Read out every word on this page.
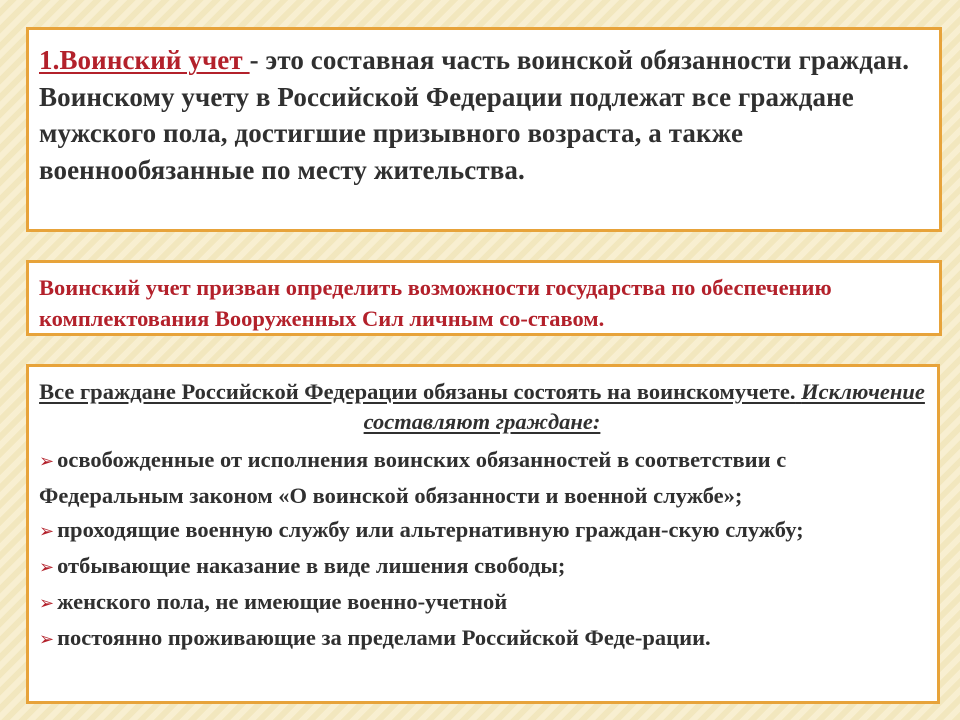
1.Воинский учет - это составная часть воинской обязанности граждан. Воинскому учету в Российской Федерации подлежат все граждане мужского пола, достигшие призывного возраста, а также военнообязанные по месту жительства.

Воинский учет призван определить возможности государства по обеспечению комплектования Вооруженных Сил личным со-ставом.

Все граждане Российской Федерации обязаны состоять на воинскомучете. Исключение составляют граждане:

➢ освобожденные от исполнения воинских обязанностей в соответствии с Федеральным законом «О воинской обязанности и военной службе»;
➢ проходящие военную службу или альтернативную граждан-скую службу;
➢ отбывающие наказание в виде лишения свободы;
➢ женского пола, не имеющие военно-учетной
➢ постоянно проживающие за пределами Российской Феде-рации.
